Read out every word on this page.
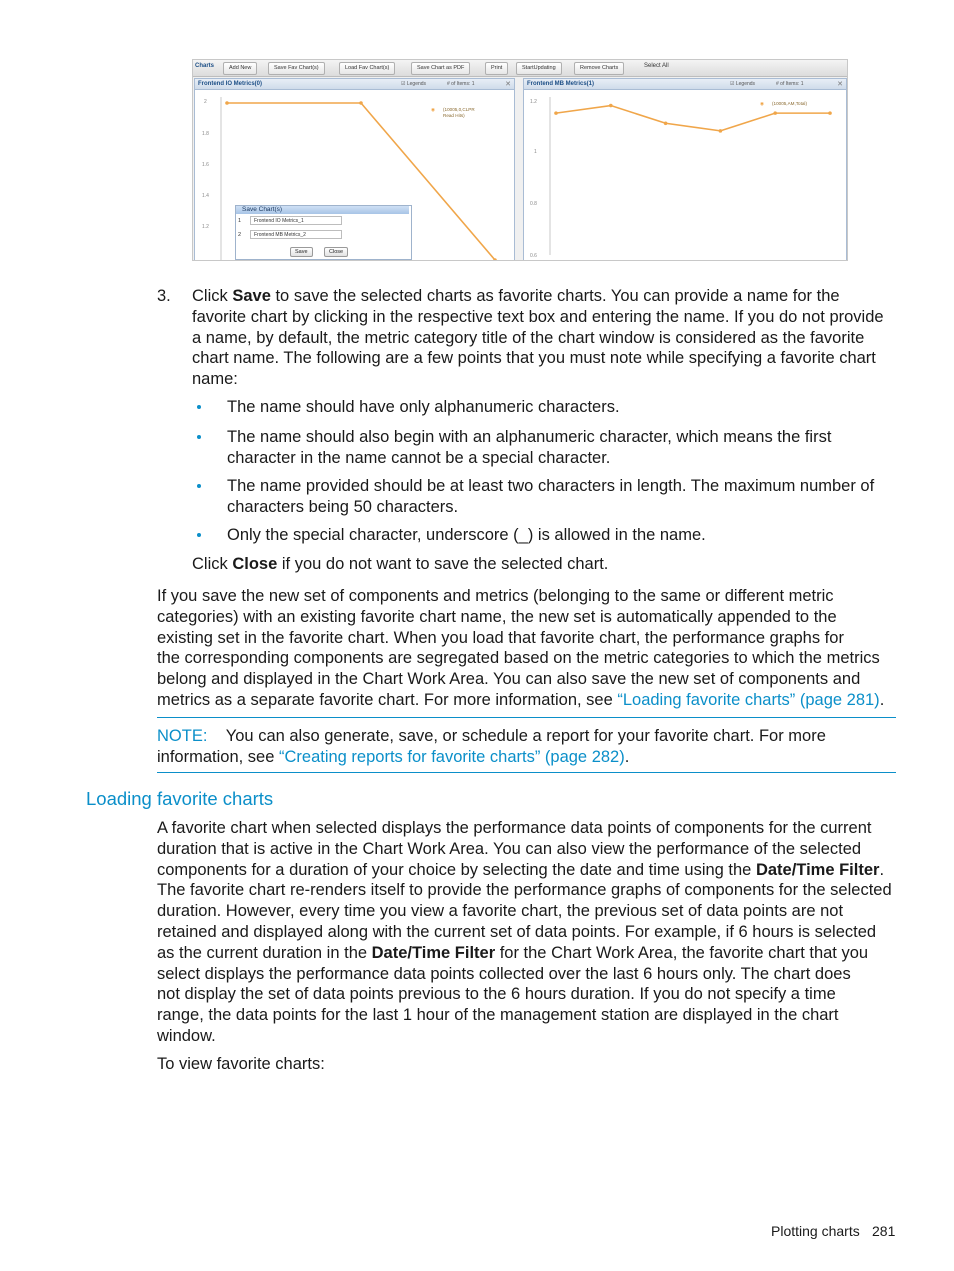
Charts	Add New	Save Fav Chart(s)	Load Fav Chart(s)	Save Chart as PDF	Print	StartUpdating	Remove Charts	Select All
Frontend IO Metrics(0)	☑ Legends	# of Items: 1	✕
2
1.8
1.6
1.4
1.2
◉ (10005,0,CLPR
Read Hits)
Save Chart(s)
1	Frontend IO Metrics_1
2	Frontend MB Metrics_2
Save	Close
Frontend MB Metrics(1)	☑ Legends	# of Items: 1	✕
1.2
1
0.8
0.6
◉ (10005,AM,Total)
3. Click Save to save the selected charts as favorite charts. You can provide a name for the
favorite chart by clicking in the respective text box and entering the name. If you do not provide
a name, by default, the metric category title of the chart window is considered as the favorite
chart name. The following are a few points that you must note while specifying a favorite chart
name:
The name should have only alphanumeric characters.
The name should also begin with an alphanumeric character, which means the first
character in the name cannot be a special character.
The name provided should be at least two characters in length. The maximum number of
characters being 50 characters.
Only the special character, underscore (_) is allowed in the name.
Click Close if you do not want to save the selected chart.
If you save the new set of components and metrics (belonging to the same or different metric
categories) with an existing favorite chart name, the new set is automatically appended to the
existing set in the favorite chart. When you load that favorite chart, the performance graphs for
the corresponding components are segregated based on the metric categories to which the metrics
belong and displayed in the Chart Work Area. You can also save the new set of components and
metrics as a separate favorite chart. For more information, see “Loading favorite charts” (page 281).
NOTE: You can also generate, save, or schedule a report for your favorite chart. For more
information, see “Creating reports for favorite charts” (page 282).
Loading favorite charts
A favorite chart when selected displays the performance data points of components for the current
duration that is active in the Chart Work Area. You can also view the performance of the selected
components for a duration of your choice by selecting the date and time using the Date/Time Filter.
The favorite chart re-renders itself to provide the performance graphs of components for the selected
duration. However, every time you view a favorite chart, the previous set of data points are not
retained and displayed along with the current set of data points. For example, if 6 hours is selected
as the current duration in the Date/Time Filter for the Chart Work Area, the favorite chart that you
select displays the performance data points collected over the last 6 hours only. The chart does
not display the set of data points previous to the 6 hours duration. If you do not specify a time
range, the data points for the last 1 hour of the management station are displayed in the chart
window.
To view favorite charts:
Plotting charts 281
